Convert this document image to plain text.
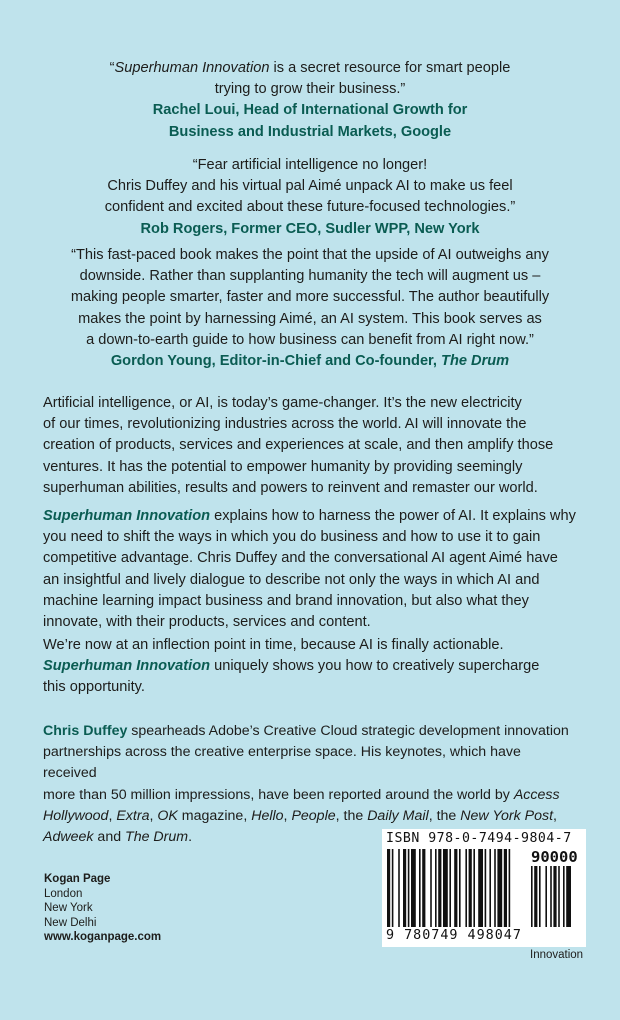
“Superhuman Innovation is a secret resource for smart people
trying to grow their business.”
Rachel Loui, Head of International Growth for
Business and Industrial Markets, Google
“Fear artificial intelligence no longer!
Chris Duffey and his virtual pal Aimé unpack AI to make us feel
confident and excited about these future-focused technologies.”
Rob Rogers, Former CEO, Sudler WPP, New York
“This fast-paced book makes the point that the upside of AI outweighs any
downside. Rather than supplanting humanity the tech will augment us –
making people smarter, faster and more successful. The author beautifully
makes the point by harnessing Aimé, an AI system. This book serves as
a down-to-earth guide to how business can benefit from AI right now.”
Gordon Young, Editor-in-Chief and Co-founder, The Drum
Artificial intelligence, or AI, is today’s game-changer. It’s the new electricity
of our times, revolutionizing industries across the world. AI will innovate the
creation of products, services and experiences at scale, and then amplify those
ventures. It has the potential to empower humanity by providing seemingly
superhuman abilities, results and powers to reinvent and remaster our world.
Superhuman Innovation explains how to harness the power of AI. It explains why
you need to shift the ways in which you do business and how to use it to gain
competitive advantage. Chris Duffey and the conversational AI agent Aimé have
an insightful and lively dialogue to describe not only the ways in which AI and
machine learning impact business and brand innovation, but also what they
innovate, with their products, services and content.
We’re now at an inflection point in time, because AI is finally actionable.
Superhuman Innovation uniquely shows you how to creatively supercharge
this opportunity.
Chris Duffey spearheads Adobe’s Creative Cloud strategic development innovation
partnerships across the creative enterprise space. His keynotes, which have received
more than 50 million impressions, have been reported around the world by Access
Hollywood, Extra, OK magazine, Hello, People, the Daily Mail, the New York Post,
Adweek and The Drum.
Kogan Page
London
New York
New Delhi
www.koganpage.com
ISBN 978-0-7494-9804-7
90000
9 780749 498047
Innovation
